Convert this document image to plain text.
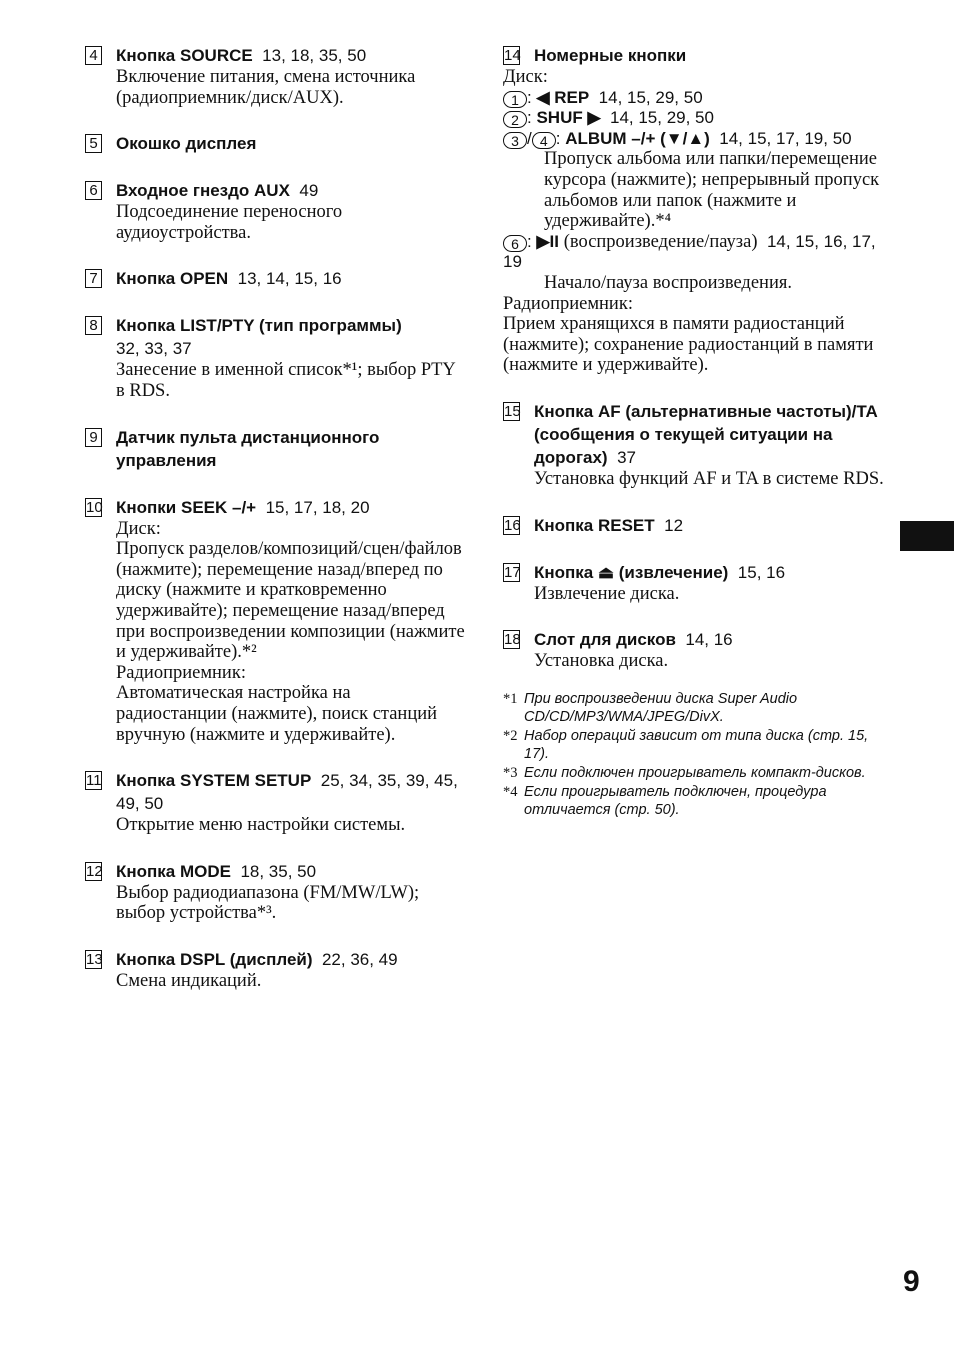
4 Кнопка SOURCE 13, 18, 35, 50
Включение питания, смена источника (радиоприемник/диск/AUX).
5 Окошко дисплея
6 Входное гнездо AUX 49
Подсоединение переносного аудиоустройства.
7 Кнопка OPEN 13, 14, 15, 16
8 Кнопка LIST/PTY (тип программы)
32, 33, 37
Занесение в именной список*¹; выбор PTY в RDS.
9 Датчик пульта дистанционного управления
10 Кнопки SEEK –/+ 15, 17, 18, 20
Диск:
Пропуск разделов/композиций/сцен/файлов (нажмите); перемещение назад/вперед по диску (нажмите и кратковременно удерживайте); перемещение назад/вперед при воспроизведении композиции (нажмите и удерживайте).*²
Радиоприемник:
Автоматическая настройка на радиостанции (нажмите), поиск станций вручную (нажмите и удерживайте).
11 Кнопка SYSTEM SETUP 25, 34, 35, 39, 45, 49, 50
Открытие меню настройки системы.
12 Кнопка MODE 18, 35, 50
Выбор радиодиапазона (FM/MW/LW); выбор устройства*³.
13 Кнопка DSPL (дисплей) 22, 36, 49
Смена индикаций.
14 Номерные кнопки
Диск:
1 : ◀ REP 14, 15, 29, 50
2 : SHUF ▶ 14, 15, 29, 50
3 / 4 : ALBUM –/+ (▼/▲) 14, 15, 17, 19, 50
Пропуск альбома или папки/перемещение курсора (нажмите); непрерывный пропуск альбомов или папок (нажмите и удерживайте).*⁴
6 : ▶II (воспроизведение/пауза) 14, 15, 16, 17, 19
Начало/пауза воспроизведения.
Радиоприемник:
Прием хранящихся в памяти радиостанций (нажмите); сохранение радиостанций в памяти (нажмите и удерживайте).
15 Кнопка AF (альтернативные частоты)/TA (сообщения о текущей ситуации на дорогах) 37
Установка функций AF и TA в системе RDS.
16 Кнопка RESET 12
17 Кнопка ⏏ (извлечение) 15, 16
Извлечение диска.
18 Слот для дисков 14, 16
Установка диска.
*1 При воспроизведении диска Super Audio CD/CD/MP3/WMA/JPEG/DivX.
*2 Набор операций зависит от типа диска (стр. 15, 17).
*3 Если подключен проигрыватель компакт-дисков.
*4 Если проигрыватель подключен, процедура отличается (стр. 50).
9
